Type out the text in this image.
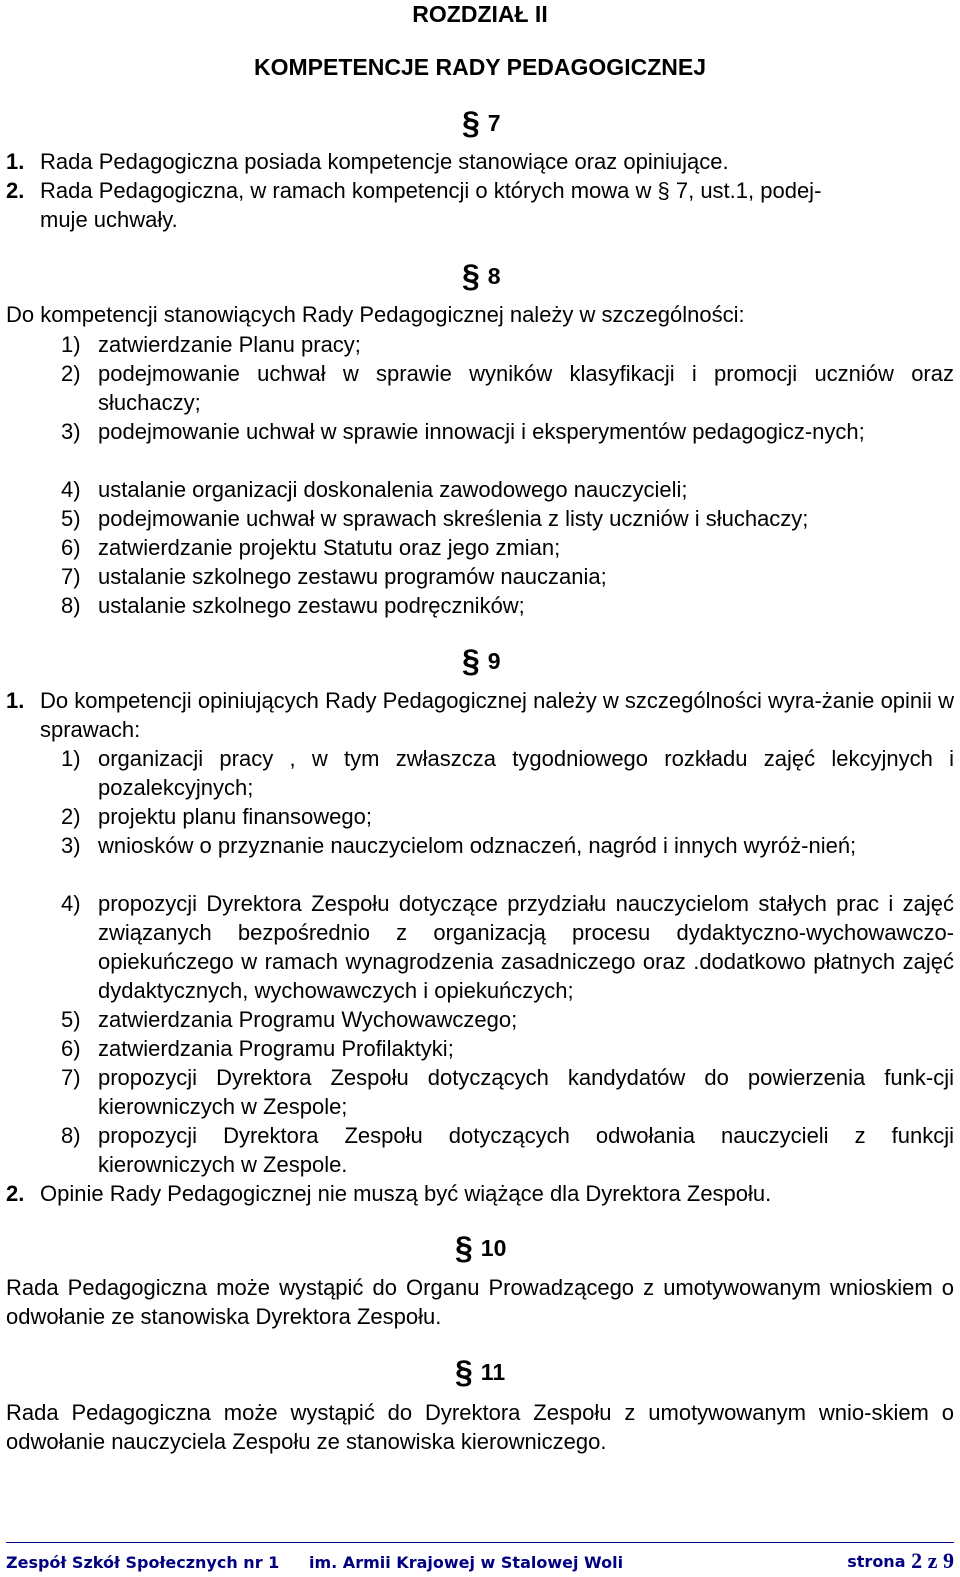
ROZDZIAŁ II
KOMPETENCJE RADY PEDAGOGICZNEJ
§ 7
1. Rada Pedagogiczna posiada kompetencje stanowiące oraz opiniujące.
2. Rada Pedagogiczna, w ramach kompetencji o których mowa w § 7, ust.1, podej-
muje uchwały.
§ 8
Do kompetencji stanowiących Rady Pedagogicznej należy w szczególności:
1) zatwierdzanie Planu pracy;
2) podejmowanie uchwał w sprawie wyników klasyfikacji i promocji uczniów oraz słuchaczy;
3) podejmowanie uchwał w sprawie innowacji i eksperymentów pedagogicz-nych;
4) ustalanie organizacji doskonalenia zawodowego nauczycieli;
5) podejmowanie uchwał w sprawach skreślenia z listy uczniów i słuchaczy;
6) zatwierdzanie projektu Statutu oraz jego zmian;
7) ustalanie szkolnego zestawu programów nauczania;
8) ustalanie szkolnego zestawu podręczników;
§ 9
1. Do kompetencji opiniujących Rady Pedagogicznej należy w szczególności wyra-żanie opinii w sprawach:
1) organizacji pracy , w tym zwłaszcza tygodniowego rozkładu zajęć lekcyjnych i pozalekcyjnych;
2) projektu planu finansowego;
3) wniosków o przyznanie nauczycielom odznaczeń, nagród i innych wyróż-nień;
4) propozycji Dyrektora Zespołu dotyczące przydziału nauczycielom stałych prac i zajęć związanych bezpośrednio z organizacją procesu dydaktyczno-wychowawczo-opiekuńczego w ramach wynagrodzenia zasadniczego oraz .dodatkowo płatnych zajęć dydaktycznych, wychowawczych i opiekuńczych;
5) zatwierdzania Programu Wychowawczego;
6) zatwierdzania Programu Profilaktyki;
7) propozycji Dyrektora Zespołu dotyczących kandydatów do powierzenia funk-cji kierowniczych w Zespole;
8) propozycji Dyrektora Zespołu dotyczących odwołania nauczycieli z funkcji kierowniczych w Zespole.
2. Opinie Rady Pedagogicznej nie muszą być wiążące dla Dyrektora Zespołu.
§ 10
Rada Pedagogiczna może wystąpić do Organu Prowadzącego z umotywowanym wnioskiem o odwołanie ze stanowiska Dyrektora Zespołu.
§ 11
Rada Pedagogiczna może wystąpić do Dyrektora Zespołu z umotywowanym wnio-skiem o odwołanie nauczyciela Zespołu ze stanowiska kierowniczego.
Zespół Szkół Społecznych nr 1 im. Armii Krajowej w Stalowej Woli	strona 2 z 9
